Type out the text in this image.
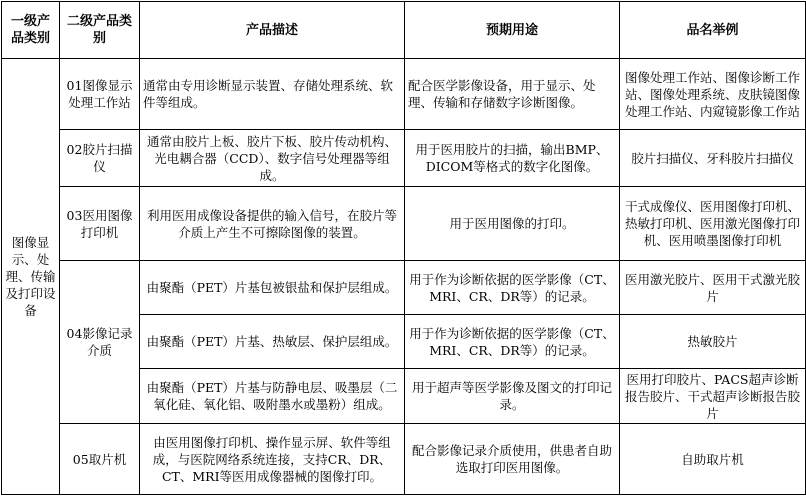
一级产品类别	二级产品类别	产品描述	预期用途	品名举例
图像显示、处理、传输及打印设备	01图像显示处理工作站	通常由专用诊断显示装置、存储处理系统、软件等组成。	配合医学影像设备，用于显示、处理、传输和存储数字诊断图像。	图像处理工作站、图像诊断工作站、图像处理系统、皮肤镜图像处理工作站、内窥镜影像工作站
	02胶片扫描仪	通常由胶片上板、胶片下板、胶片传动机构、光电耦合器（CCD）、数字信号处理器等组成。	用于医用胶片的扫描，输出BMP、DICOM等格式的数字化图像。	胶片扫描仪、牙科胶片扫描仪
	03医用图像打印机	利用医用成像设备提供的输入信号，在胶片等介质上产生不可擦除图像的装置。	用于医用图像的打印。	干式成像仪、医用图像打印机、热敏打印机、医用激光图像打印机、医用喷墨图像打印机
	04影像记录介质	由聚酯（PET）片基包被银盐和保护层组成。	用于作为诊断依据的医学影像（CT、MRI、CR、DR等）的记录。	医用激光胶片、医用干式激光胶片
		由聚酯（PET）片基、热敏层、保护层组成。	用于作为诊断依据的医学影像（CT、MRI、CR、DR等）的记录。	热敏胶片
		由聚酯（PET）片基与防静电层、吸墨层（二氧化硅、氧化铝、吸附墨水或墨粉）组成。	用于超声等医学影像及图文的打印记录。	医用打印胶片、PACS超声诊断报告胶片、干式超声诊断报告胶片
	05取片机	由医用图像打印机、操作显示屏、软件等组成，与医院网络系统连接，支持CR、DR、CT、MRI等医用成像器械的图像打印。	配合影像记录介质使用，供患者自助选取打印医用图像。	自助取片机
